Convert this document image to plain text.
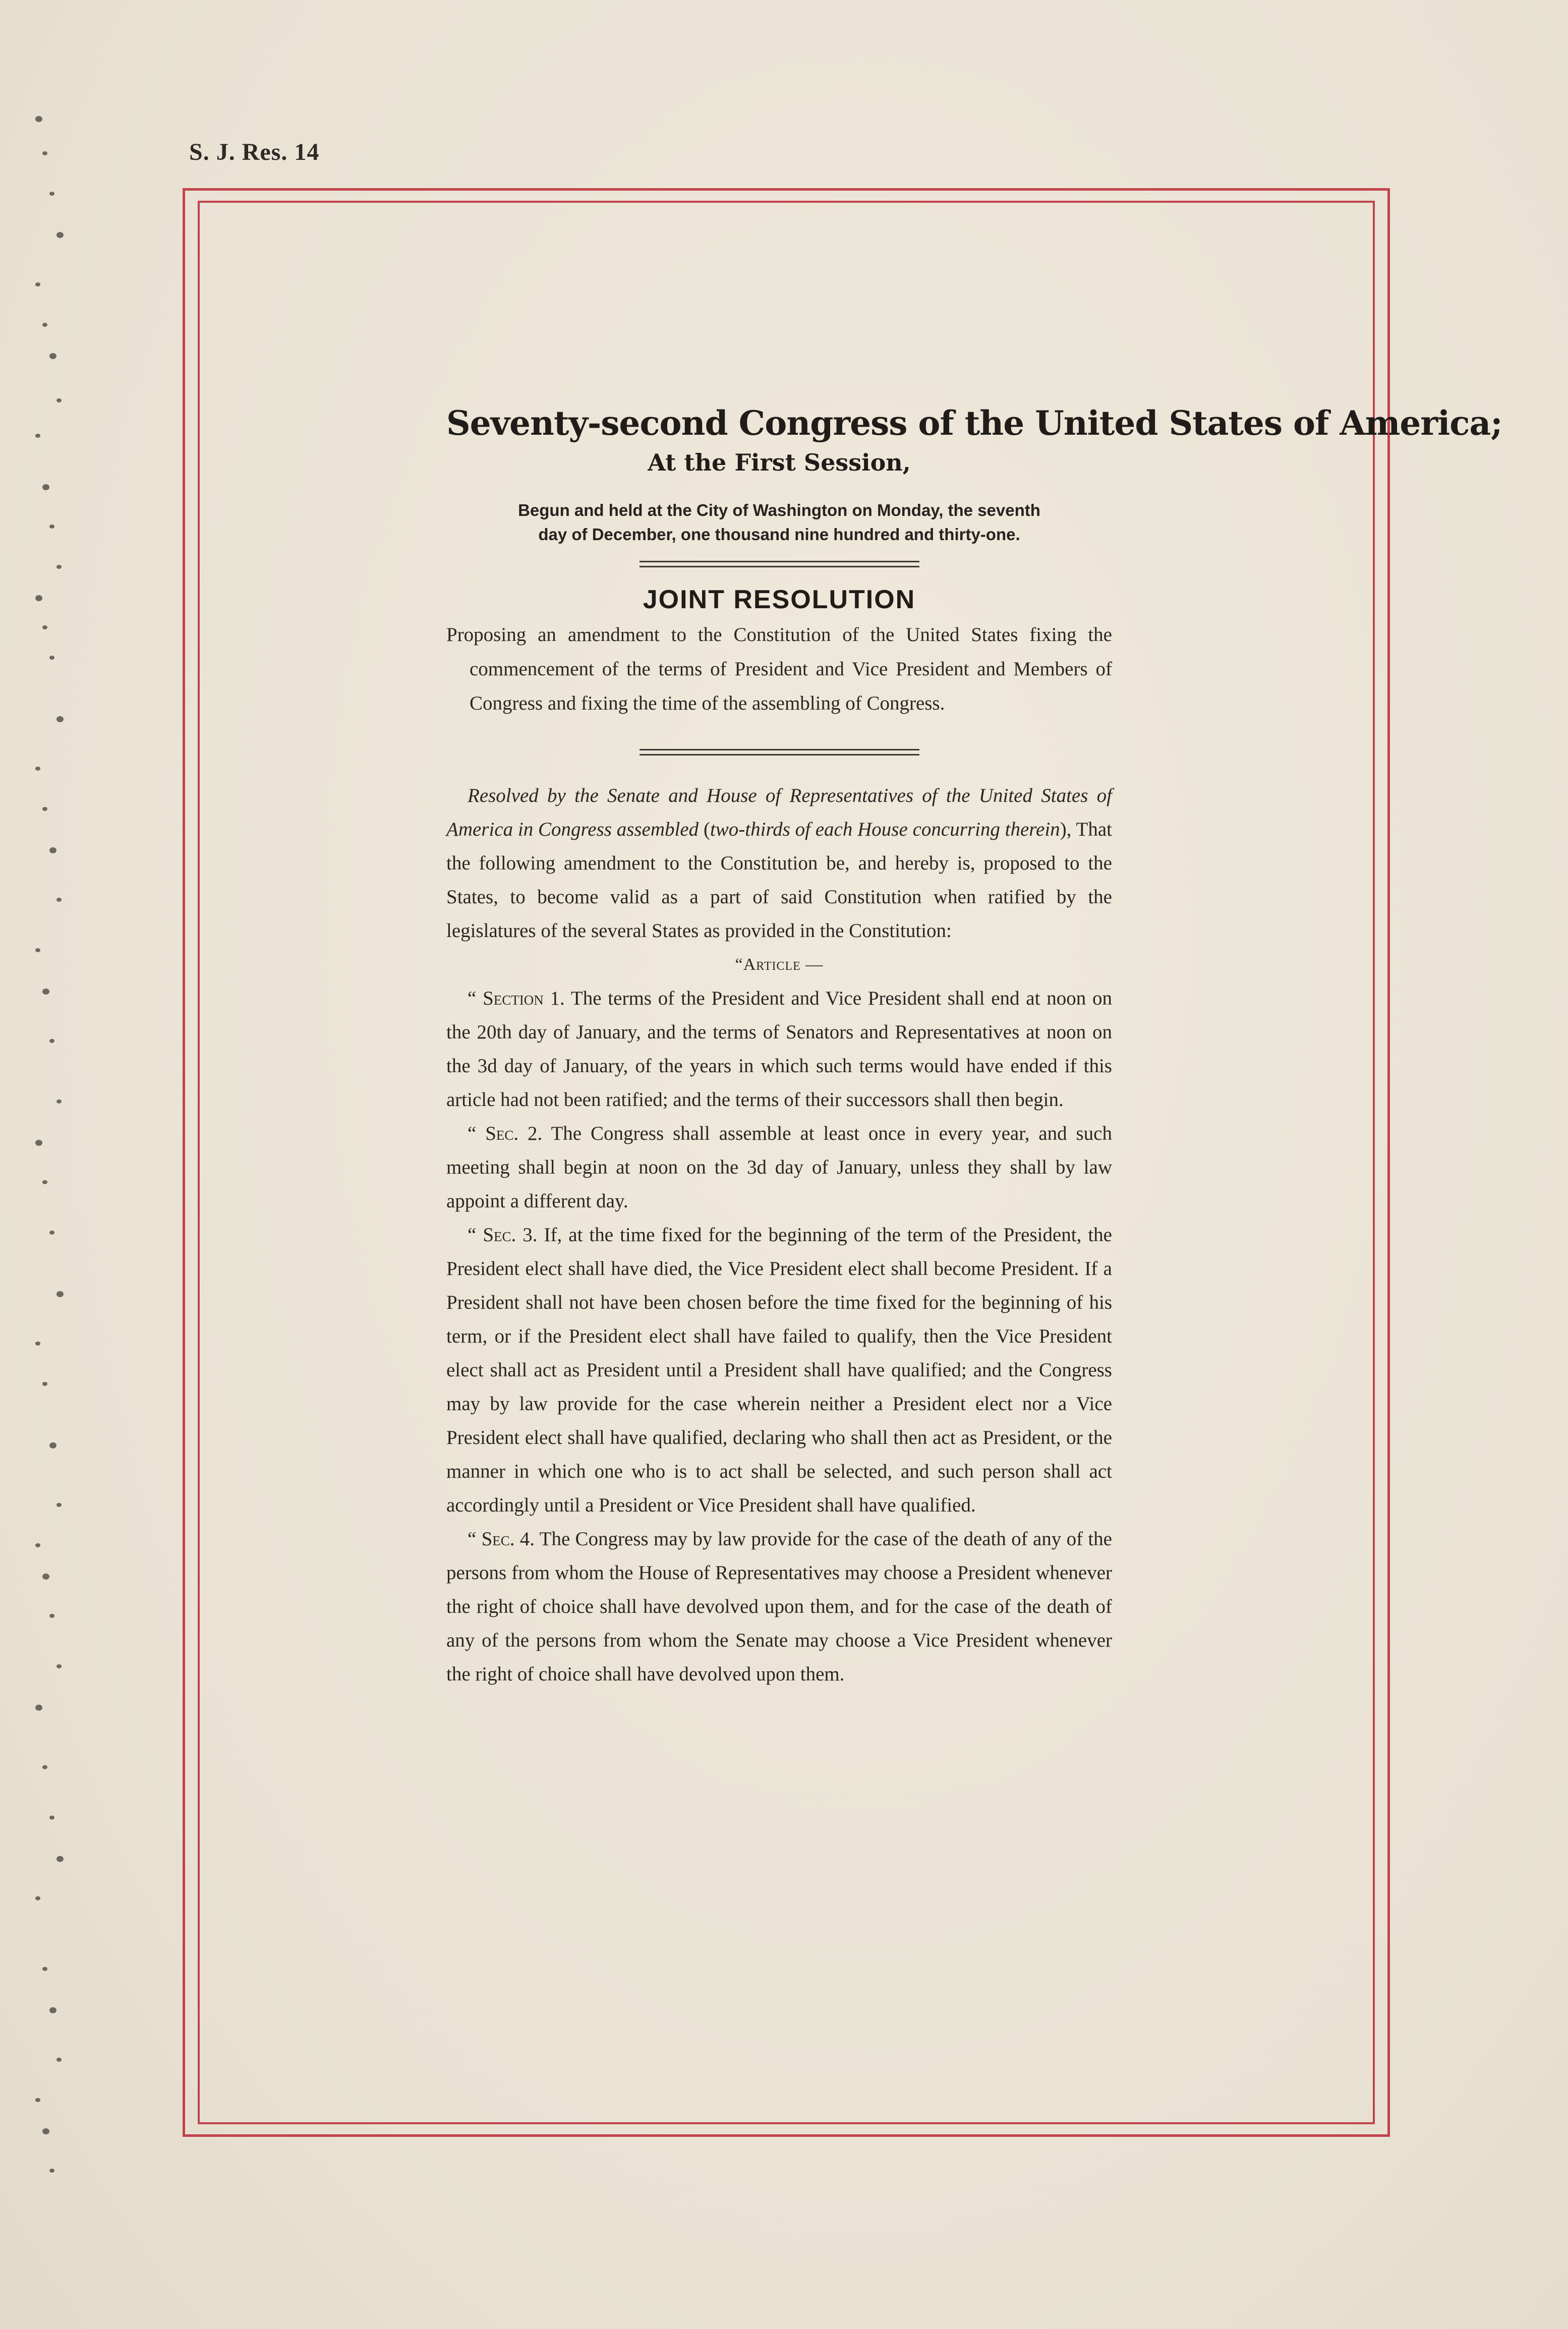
S. J. Res. 14
Seventy-second Congress of the United States of America;
At the First Session,
Begun and held at the City of Washington on Monday, the seventh
day of December, one thousand nine hundred and thirty-one.
JOINT RESOLUTION
Proposing an amendment to the Constitution of the United States fixing the commencement of the terms of President and Vice President and Members of Congress and fixing the time of the assembling of Congress.

Resolved by the Senate and House of Representatives of the United States of America in Congress assembled (two-thirds of each House concurring therein), That the following amendment to the Constitution be, and hereby is, proposed to the States, to become valid as a part of said Constitution when ratified by the legislatures of the several States as provided in the Constitution:

“Article —

“ Section 1. The terms of the President and Vice President shall end at noon on the 20th day of January, and the terms of Senators and Representatives at noon on the 3d day of January, of the years in which such terms would have ended if this article had not been ratified; and the terms of their successors shall then begin.

“ Sec. 2. The Congress shall assemble at least once in every year, and such meeting shall begin at noon on the 3d day of January, unless they shall by law appoint a different day.

“ Sec. 3. If, at the time fixed for the beginning of the term of the President, the President elect shall have died, the Vice President elect shall become President. If a President shall not have been chosen before the time fixed for the beginning of his term, or if the President elect shall have failed to qualify, then the Vice President elect shall act as President until a President shall have qualified; and the Congress may by law provide for the case wherein neither a President elect nor a Vice President elect shall have qualified, declaring who shall then act as President, or the manner in which one who is to act shall be selected, and such person shall act accordingly until a President or Vice President shall have qualified.

“ Sec. 4. The Congress may by law provide for the case of the death of any of the persons from whom the House of Representatives may choose a President whenever the right of choice shall have devolved upon them, and for the case of the death of any of the persons from whom the Senate may choose a Vice President whenever the right of choice shall have devolved upon them.
